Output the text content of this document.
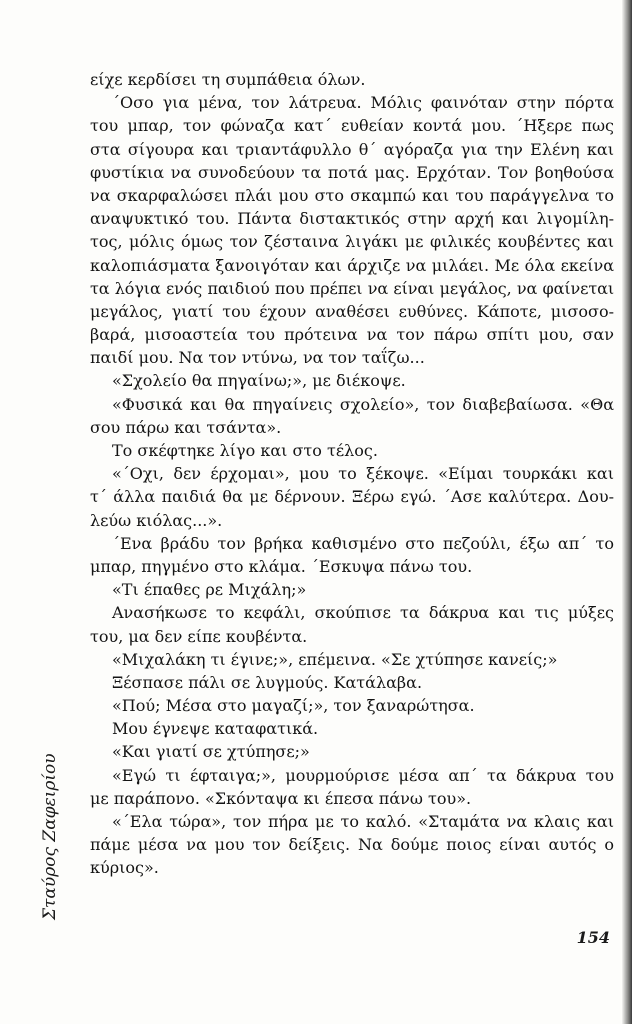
είχε κερδίσει τη συμπάθεια όλων.
΄Οσο για μένα, τον λάτρευα. Μόλις φαινόταν στην πόρτα
του μπαρ, τον φώναζα κατ΄ ευθείαν κοντά μου. ΄Ηξερε πως
στα σίγουρα και τριαντάφυλλο θ΄ αγόραζα για την Ελένη και
φυστίκια να συνοδεύουν τα ποτά μας. Ερχόταν. Τον βοηθούσα
να σκαρφαλώσει πλάι μου στο σκαμπώ και του παράγγελνα το
αναψυκτικό του. Πάντα διστακτικός στην αρχή και λιγομίλη-
τος, μόλις όμως τον ζέσταινα λιγάκι με φιλικές κουβέντες και
καλοπιάσματα ξανοιγόταν και άρχιζε να μιλάει. Με όλα εκείνα
τα λόγια ενός παιδιού που πρέπει να είναι μεγάλος, να φαίνεται
μεγάλος, γιατί του έχουν αναθέσει ευθύνες. Κάποτε, μισοσο-
βαρά, μισοαστεία του πρότεινα να τον πάρω σπίτι μου, σαν
παιδί μου. Να τον ντύνω, να τον ταΐζω...
«Σχολείο θα πηγαίνω;», με διέκοψε.
«Φυσικά και θα πηγαίνεις σχολείο», τον διαβεβαίωσα. «Θα
σου πάρω και τσάντα».
Το σκέφτηκε λίγο και στο τέλος.
«΄Οχι, δεν έρχομαι», μου το ξέκοψε. «Είμαι τουρκάκι και
τ΄ άλλα παιδιά θα με δέρνουν. Ξέρω εγώ. ΄Ασε καλύτερα. Δου-
λεύω κιόλας...».
΄Ενα βράδυ τον βρήκα καθισμένο στο πεζούλι, έξω απ΄ το
μπαρ, πηγμένο στο κλάμα. ΄Εσκυψα πάνω του.
«Τι έπαθες ρε Μιχάλη;»
Ανασήκωσε το κεφάλι, σκούπισε τα δάκρυα και τις μύξες
του, μα δεν είπε κουβέντα.
«Μιχαλάκη τι έγινε;», επέμεινα. «Σε χτύπησε κανείς;»
Ξέσπασε πάλι σε λυγμούς. Κατάλαβα.
«Πού; Μέσα στο μαγαζί;», τον ξαναρώτησα.
Μου έγνεψε καταφατικά.
«Και γιατί σε χτύπησε;»
«Εγώ τι έφταιγα;», μουρμούρισε μέσα απ΄ τα δάκρυα του
με παράπονο. «Σκόνταψα κι έπεσα πάνω του».
«΄Ελα τώρα», τον πήρα με το καλό. «Σταμάτα να κλαις και
πάμε μέσα να μου τον δείξεις. Να δούμε ποιος είναι αυτός ο
κύριος».
Σταύρος Ζαφειρίου
154
